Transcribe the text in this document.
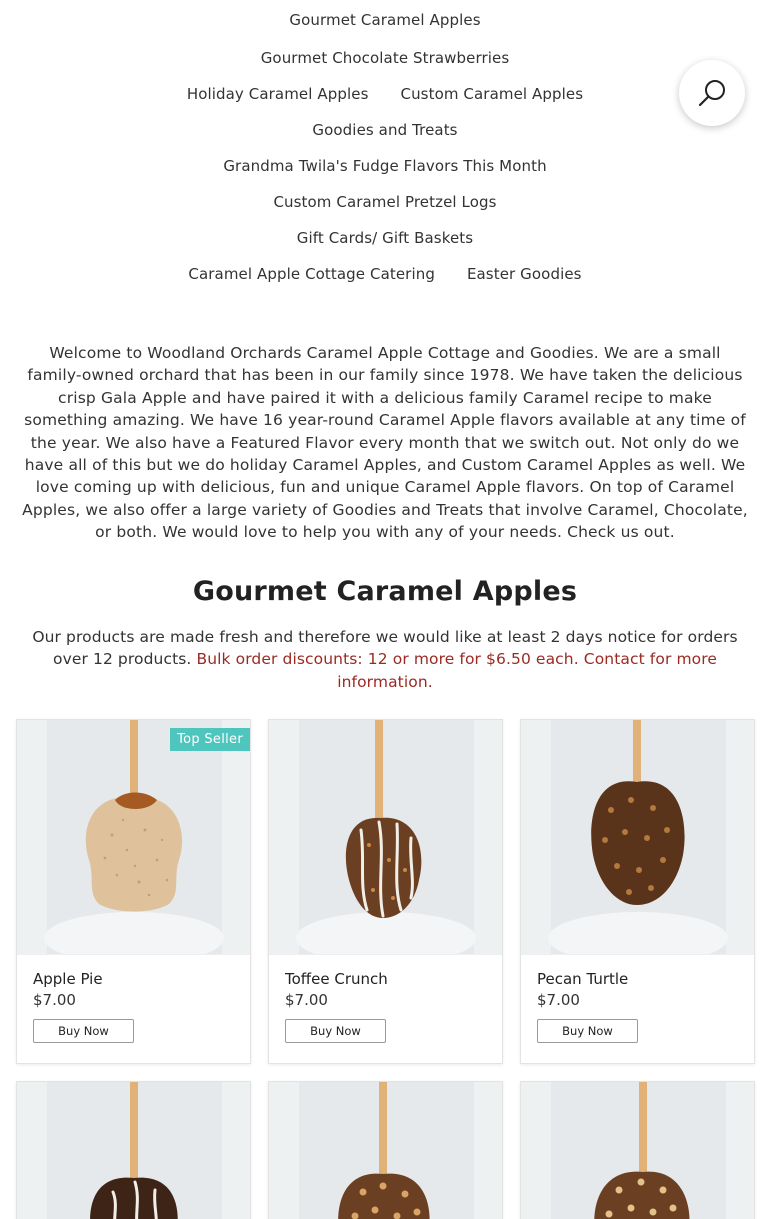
Gourmet Caramel Apples
Gourmet Chocolate Strawberries
Holiday Caramel Apples Custom Caramel Apples
Goodies and Treats
Grandma Twila's Fudge Flavors This Month
Custom Caramel Pretzel Logs
Gift Cards/ Gift Baskets
Caramel Apple Cottage Catering Easter Goodies

Welcome to Woodland Orchards Caramel Apple Cottage and Goodies. We are a small family-owned orchard that has been in our family since 1978. We have taken the delicious crisp Gala Apple and have paired it with a delicious family Caramel recipe to make something amazing. We have 16 year-round Caramel Apple flavors available at any time of the year. We also have a Featured Flavor every month that we switch out. Not only do we have all of this but we do holiday Caramel Apples, and Custom Caramel Apples as well. We love coming up with delicious, fun and unique Caramel Apple flavors. On top of Caramel Apples, we also offer a large variety of Goodies and Treats that involve Caramel, Chocolate, or both. We would love to help you with any of your needs. Check us out.

Gourmet Caramel Apples

Our products are made fresh and therefore we would like at least 2 days notice for orders over 12 products. Bulk order discounts: 12 or more for $6.50 each. Contact for more information.

Top Seller
Apple Pie
$7.00
Buy Now
Toffee Crunch
$7.00
Buy Now
Pecan Turtle
$7.00
Buy Now
